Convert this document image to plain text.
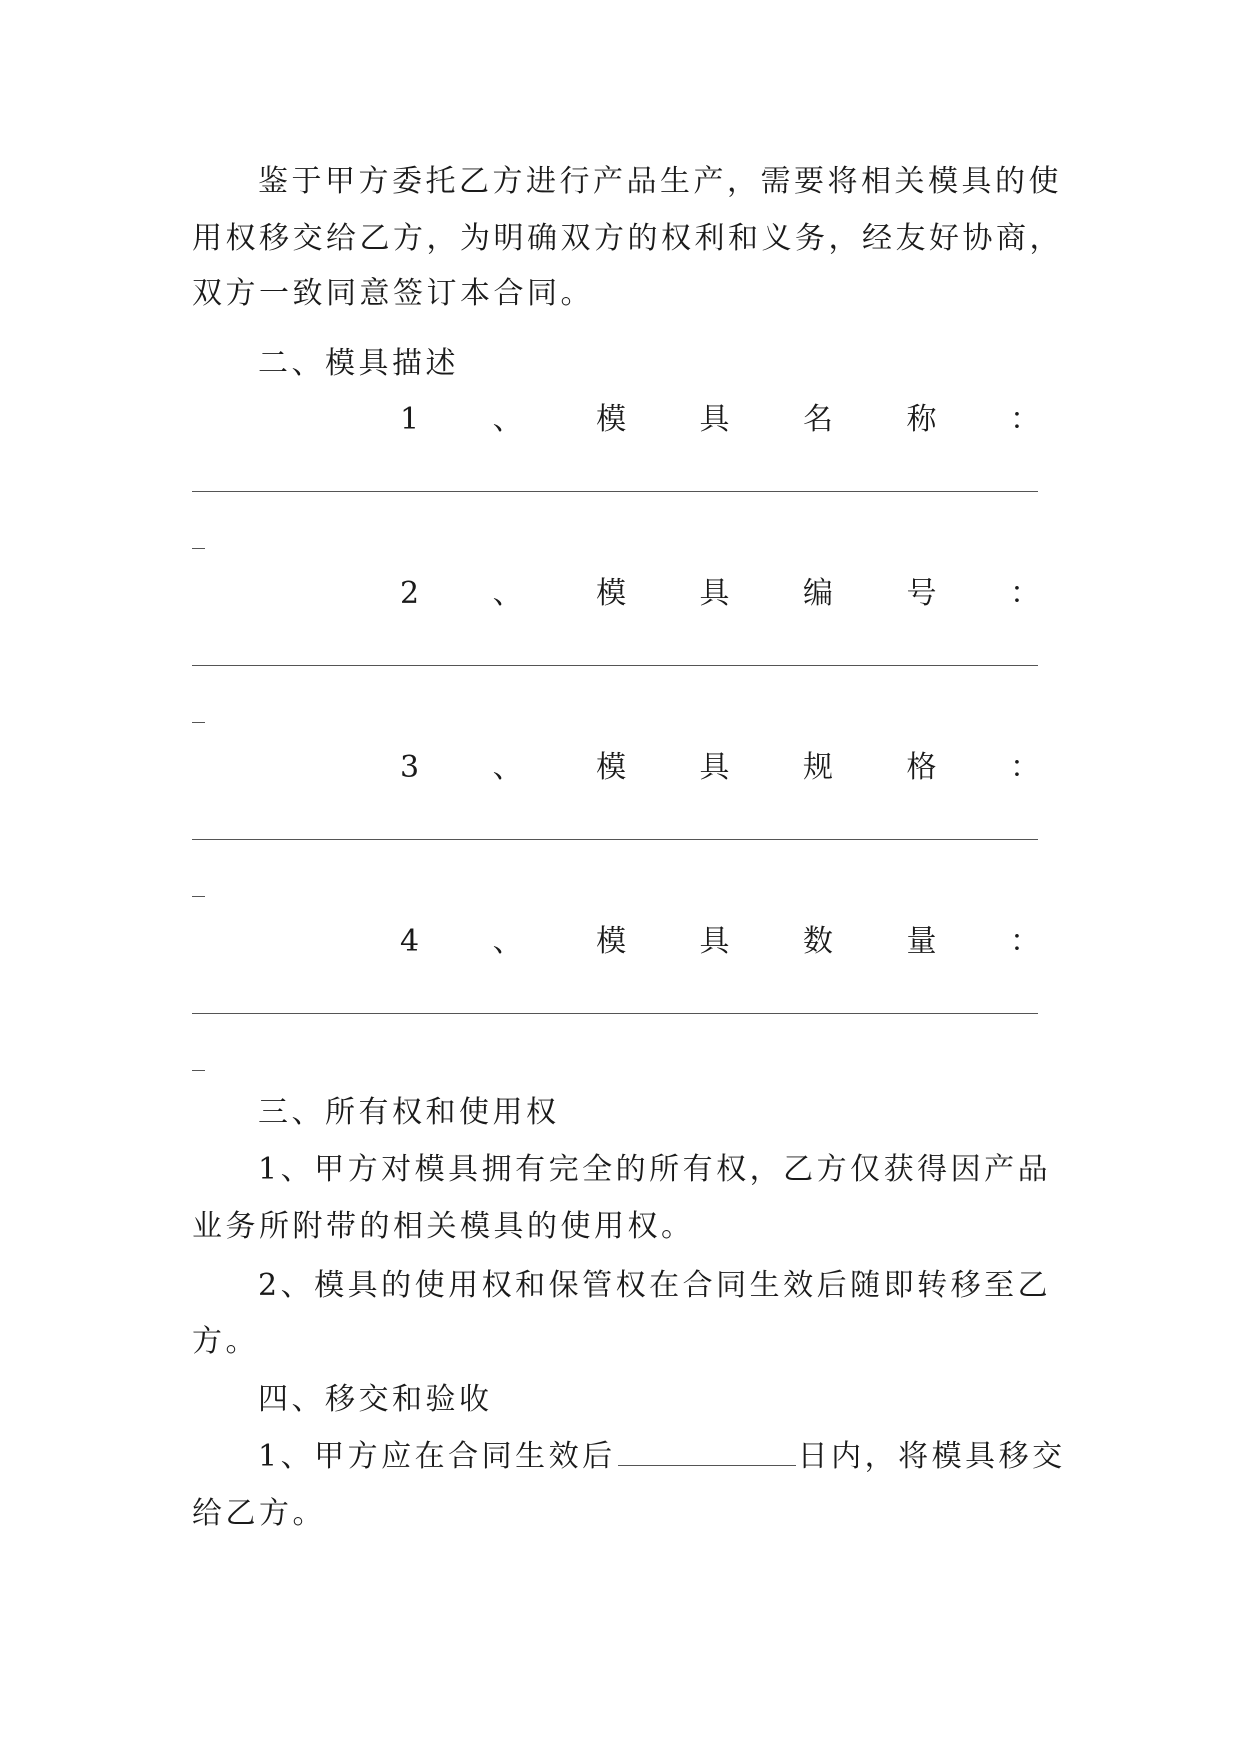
鉴于甲方委托乙方进行产品生产，需要将相关模具的使
用权移交给乙方，为明确双方的权利和义务，经友好协商，
双方一致同意签订本合同。
二、模具描述
1 、 模 具 名 称 ：
2 、 模 具 编 号 ：
3 、 模 具 规 格 ：
4 、 模 具 数 量 ：
三、所有权和使用权
1、甲方对模具拥有完全的所有权，乙方仅获得因产品
业务所附带的相关模具的使用权。
2、模具的使用权和保管权在合同生效后随即转移至乙
方。
四、移交和验收
1、甲方应在合同生效后	日内，将模具移交
给乙方。
